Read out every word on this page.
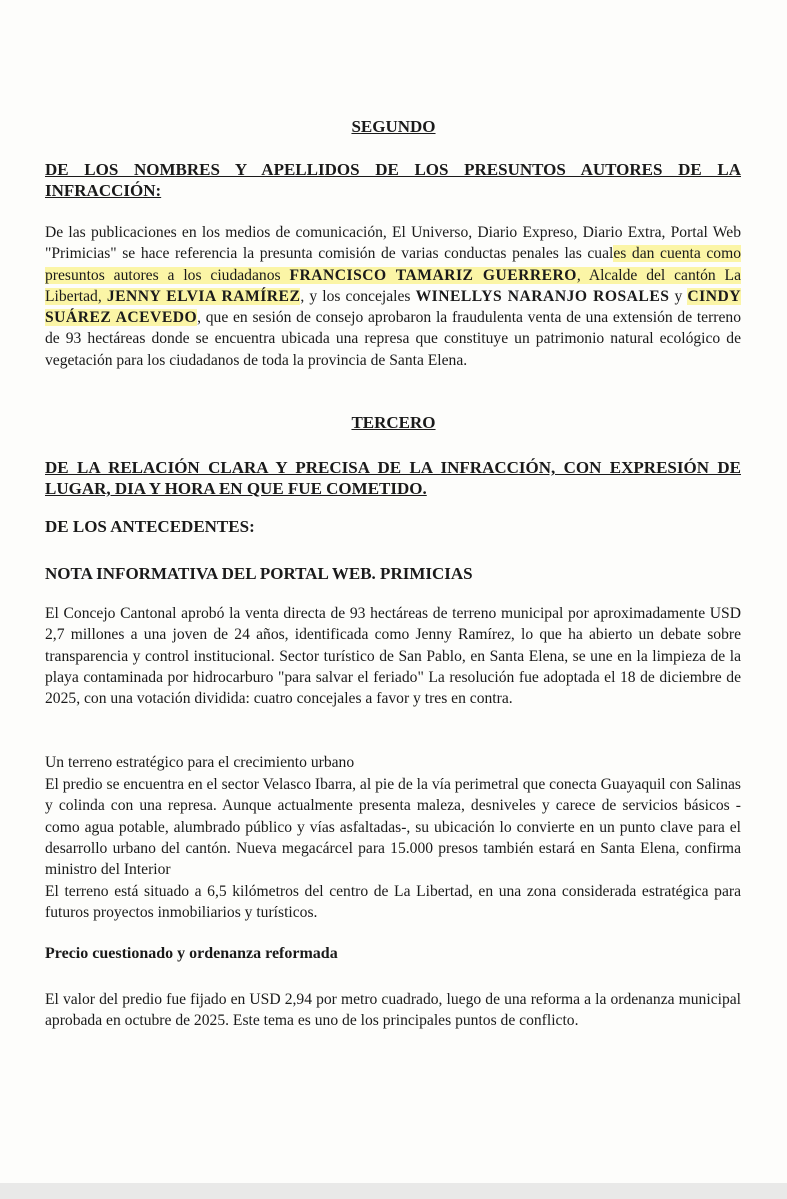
SEGUNDO
DE LOS NOMBRES Y APELLIDOS DE LOS PRESUNTOS AUTORES DE LA INFRACCIÓN:

De las publicaciones en los medios de comunicación, El Universo, Diario Expreso, Diario Extra, Portal Web "Primicias" se hace referencia la presunta comisión de varias conductas penales las cuales dan cuenta como presuntos autores a los ciudadanos FRANCISCO TAMARIZ GUERRERO, Alcalde del cantón La Libertad, JENNY ELVIA RAMÍREZ, y los concejales WINELLYS NARANJO ROSALES y CINDY SUÁREZ ACEVEDO, que en sesión de consejo aprobaron la fraudulenta venta de una extensión de terreno de 93 hectáreas donde se encuentra ubicada una represa que constituye un patrimonio natural ecológico de vegetación para los ciudadanos de toda la provincia de Santa Elena.

TERCERO
DE LA RELACIÓN CLARA Y PRECISA DE LA INFRACCIÓN, CON EXPRESIÓN DE LUGAR, DIA Y HORA EN QUE FUE COMETIDO.
DE LOS ANTECEDENTES:
NOTA INFORMATIVA DEL PORTAL WEB. PRIMICIAS

El Concejo Cantonal aprobó la venta directa de 93 hectáreas de terreno municipal por aproximadamente USD 2,7 millones a una joven de 24 años, identificada como Jenny Ramírez, lo que ha abierto un debate sobre transparencia y control institucional. Sector turístico de San Pablo, en Santa Elena, se une en la limpieza de la playa contaminada por hidrocarburo "para salvar el feriado" La resolución fue adoptada el 18 de diciembre de 2025, con una votación dividida: cuatro concejales a favor y tres en contra.

Un terreno estratégico para el crecimiento urbano

El predio se encuentra en el sector Velasco Ibarra, al pie de la vía perimetral que conecta Guayaquil con Salinas y colinda con una represa. Aunque actualmente presenta maleza, desniveles y carece de servicios básicos -como agua potable, alumbrado público y vías asfaltadas-, su ubicación lo convierte en un punto clave para el desarrollo urbano del cantón. Nueva megacárcel para 15.000 presos también estará en Santa Elena, confirma ministro del Interior

El terreno está situado a 6,5 kilómetros del centro de La Libertad, en una zona considerada estratégica para futuros proyectos inmobiliarios y turísticos.

Precio cuestionado y ordenanza reformada

El valor del predio fue fijado en USD 2,94 por metro cuadrado, luego de una reforma a la ordenanza municipal aprobada en octubre de 2025. Este tema es uno de los principales puntos de conflicto.
